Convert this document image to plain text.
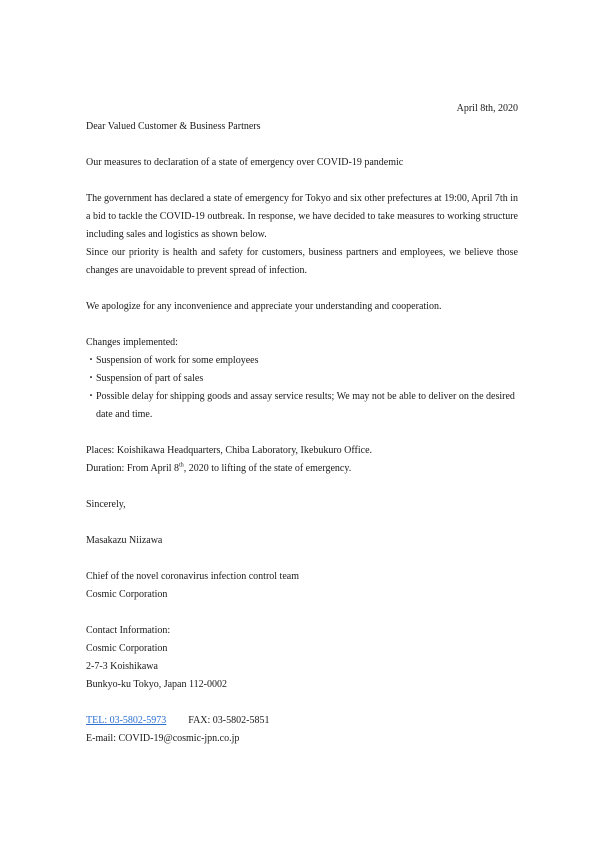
April 8th, 2020
Dear Valued Customer & Business Partners
Our measures to declaration of a state of emergency over COVID-19 pandemic
The government has declared a state of emergency for Tokyo and six other prefectures at 19:00, April 7th in a bid to tackle the COVID-19 outbreak. In response, we have decided to take measures to working structure including sales and logistics as shown below.
Since our priority is health and safety for customers, business partners and employees, we believe those changes are unavoidable to prevent spread of infection.
We apologize for any inconvenience and appreciate your understanding and cooperation.
Changes implemented:
・ Suspension of work for some employees
・ Suspension of part of sales
・ Possible delay for shipping goods and assay service results; We may not be able to deliver on the desired date and time.
Places: Koishikawa Headquarters, Chiba Laboratory, Ikebukuro Office.
Duration: From April 8th, 2020 to lifting of the state of emergency.
Sincerely,
Masakazu Niizawa
Chief of the novel coronavirus infection control team
Cosmic Corporation
Contact Information:
Cosmic Corporation
2-7-3 Koishikawa
Bunkyo-ku Tokyo, Japan 112-0002
TEL: 03-5802-5973 FAX: 03-5802-5851
E-mail: COVID-19@cosmic-jpn.co.jp
